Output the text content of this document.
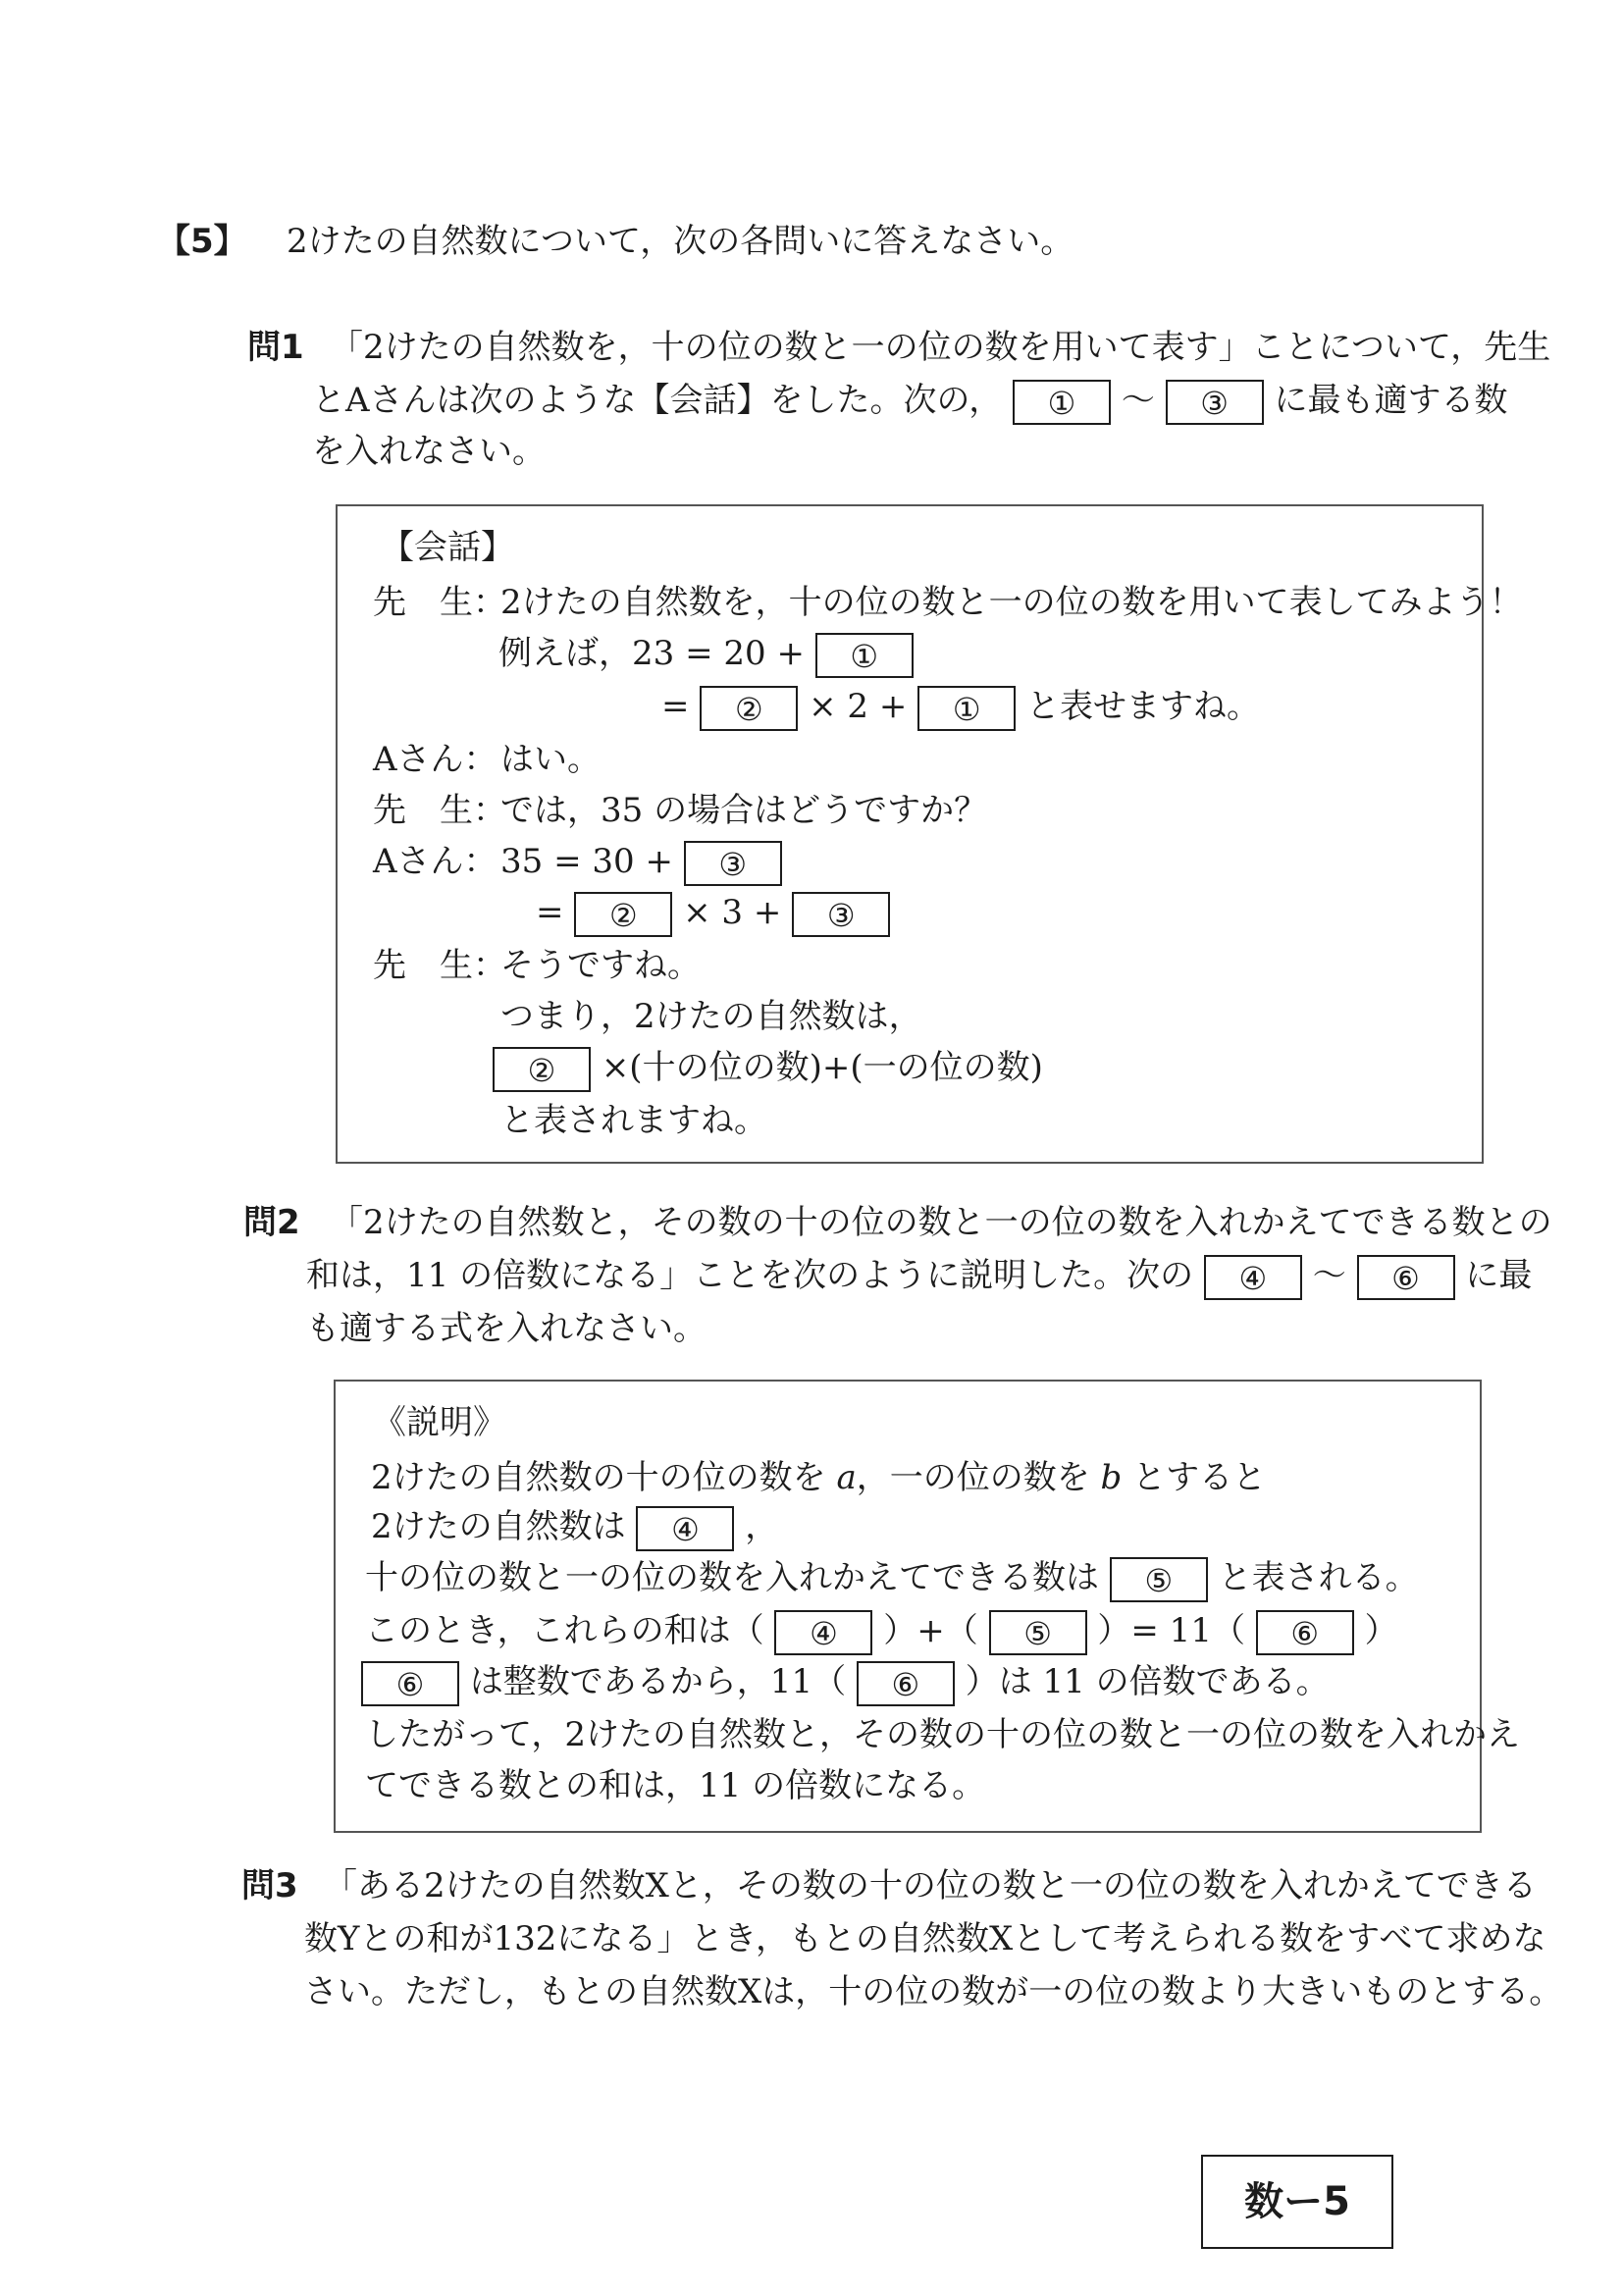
【5】 2けたの自然数について，次の各問いに答えなさい。
問1 「2けたの自然数を，十の位の数と一の位の数を用いて表す」ことについて，先生
とAさんは次のような【会話】をした。次の， ① ～ ③ に最も適する数
を入れなさい。
【会話】
先　生：
2けたの自然数を，十の位の数と一の位の数を用いて表してみよう！
例えば，23 = 20 + ①
= ② × 2 + ① と表せますね。
Aさん： はい。
先　生：
では，35 の場合はどうですか？
Aさん： 35 = 30 + ③
= ② × 3 + ③
先　生：
そうですね。
つまり，2けたの自然数は，
② ×(十の位の数)+(一の位の数)
と表されますね。
問2 「2けたの自然数と，その数の十の位の数と一の位の数を入れかえてできる数との
和は，11 の倍数になる」ことを次のように説明した。次の ④ ～ ⑥ に最
も適する式を入れなさい。
《説明》
2けたの自然数の十の位の数を a，一の位の数を b とすると
2けたの自然数は ④ ，
十の位の数と一の位の数を入れかえてできる数は ⑤ と表される。
このとき，これらの和は（ ④ ）+（ ⑤ ）= 11（ ⑥ ）
⑥ は整数であるから，11（ ⑥ ）は 11 の倍数である。
したがって，2けたの自然数と，その数の十の位の数と一の位の数を入れかえ
てできる数との和は，11 の倍数になる。
問3 「ある2けたの自然数Xと，その数の十の位の数と一の位の数を入れかえてできる
数Yとの和が132になる」とき，もとの自然数Xとして考えられる数をすべて求めな
さい。ただし，もとの自然数Xは，十の位の数が一の位の数より大きいものとする。
数ー5
